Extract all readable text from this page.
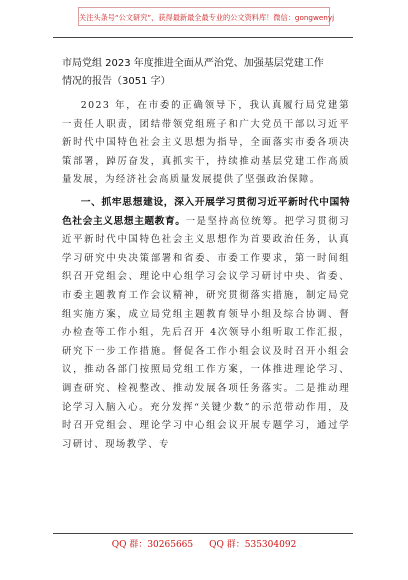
关注头条号“公文研究”，获得最新最全最专业的公文资料库！微信：gongwenyj
市局党组 2023 年度推进全面从严治党、加强基层党建工作
情况的报告（3051 字）

2023 年，在市委的正确领导下，我认真履行局党建第一责任人职责，团结带领党组班子和广大党员干部以习近平新时代中国特色社会主义思想为指导，全面落实市委各项决策部署，踔厉奋发，真抓实干，持续推动基层党建工作高质量发展，为经济社会高质量发展提供了坚强政治保障。

一、抓牢思想建设，深入开展学习贯彻习近平新时代中国特色社会主义思想主题教育。一是坚持高位统筹。把学习贯彻习近平新时代中国特色社会主义思想作为首要政治任务，认真学习研究中央决策部署和省委、市委工作要求，第一时间组织召开党组会、理论中心组学习会议学习研讨中央、省委、市委主题教育工作会议精神，研究贯彻落实措施，制定局党组实施方案，成立局党组主题教育领导小组及综合协调、督办检查等工作小组，先后召开 4次领导小组听取工作汇报，研究下一步工作措施。督促各工作小组会议及时召开小组会议，推动各部门按照局党组工作方案，一体推进理论学习、调查研究、检视整改、推动发展各项任务落实。二是推动理论学习入脑入心。充分发挥“关键少数”的示范带动作用，及时召开党组会、理论学习中心组会议开展专题学习，通过学习研讨、现场教学、专

QQ 群：30265665 QQ 群：535304092
